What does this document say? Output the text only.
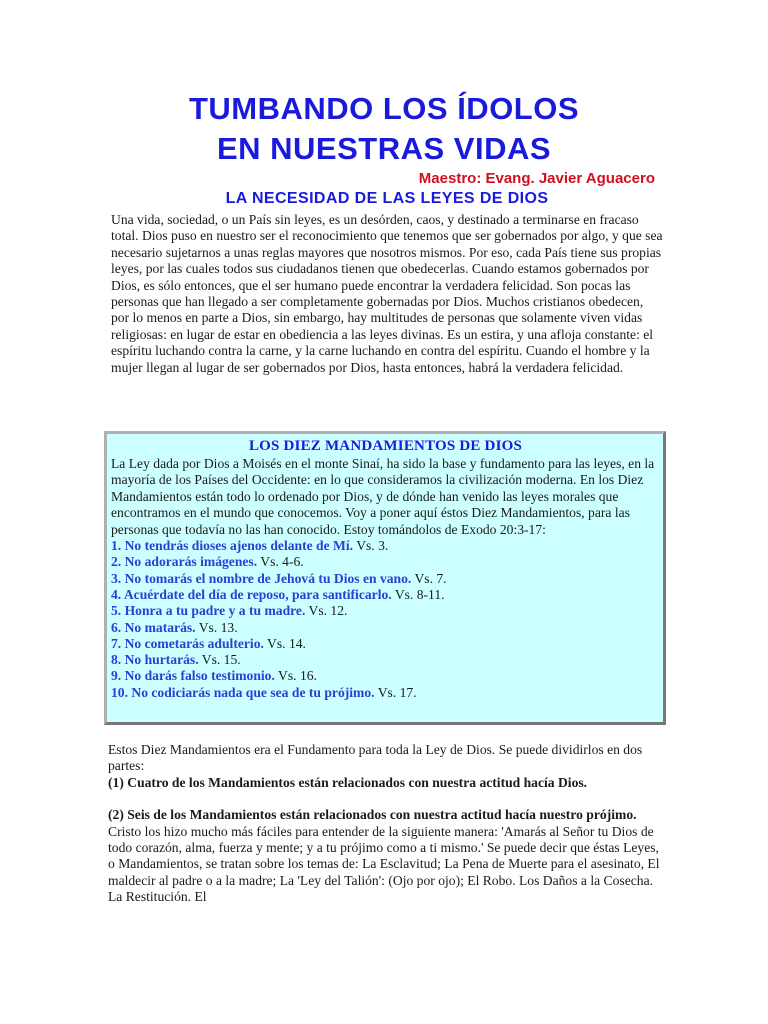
TUMBANDO LOS ÍDOLOS
EN NUESTRAS VIDAS
Maestro: Evang. Javier Aguacero
LA NECESIDAD DE LAS LEYES DE DIOS

Una vida, sociedad, o un País sin leyes, es un desórden, caos, y destinado a terminarse en fracaso total. Dios puso en nuestro ser el reconocimiento que tenemos que ser gobernados por algo, y que sea necesario sujetarnos a unas reglas mayores que nosotros mismos. Por eso, cada País tiene sus propias leyes, por las cuales todos sus ciudadanos tienen que obedecerlas. Cuando estamos gobernados por Dios, es sólo entonces, que el ser humano puede encontrar la verdadera felicidad. Son pocas las personas que han llegado a ser completamente gobernadas por Dios. Muchos cristianos obedecen, por lo menos en parte a Dios, sin embargo, hay multitudes de personas que solamente viven vidas religiosas: en lugar de estar en obediencia a las leyes divinas. Es un estira, y una afloja constante: el espíritu luchando contra la carne, y la carne luchando en contra del espíritu. Cuando el hombre y la mujer llegan al lugar de ser gobernados por Dios, hasta entonces, habrá la verdadera felicidad.

LOS DIEZ MANDAMIENTOS DE DIOS

La Ley dada por Dios a Moisés en el monte Sinaí, ha sido la base y fundamento para las leyes, en la mayoría de los Países del Occidente: en lo que consideramos la civilización moderna. En los Diez Mandamientos están todo lo ordenado por Dios, y de dónde han venido las leyes morales que encontramos en el mundo que conocemos. Voy a poner aquí éstos Diez Mandamientos, para las personas que todavía no las han conocido. Estoy tomándolos de Exodo 20:3-17:

1. No tendrás dioses ajenos delante de Mí. Vs. 3.
2. No adorarás imágenes. Vs. 4-6.
3. No tomarás el nombre de Jehová tu Dios en vano. Vs. 7.
4. Acuérdate del día de reposo, para santificarlo. Vs. 8-11.
5. Honra a tu padre y a tu madre. Vs. 12.
6. No matarás. Vs. 13.
7. No cometarás adulterio. Vs. 14.
8. No hurtarás. Vs. 15.
9. No darás falso testimonio. Vs. 16.
10. No codiciarás nada que sea de tu prójimo. Vs. 17.

Estos Diez Mandamientos era el Fundamento para toda la Ley de Dios. Se puede dividirlos en dos partes:

(1) Cuatro de los Mandamientos están relacionados con nuestra actitud hacía Dios.

(2) Seis de los Mandamientos están relacionados con nuestra actitud hacía nuestro prójimo.

Cristo los hizo mucho más fáciles para entender de la siguiente manera: 'Amarás al Señor tu Dios de todo corazón, alma, fuerza y mente; y a tu prójimo como a ti mismo.' Se puede decir que éstas Leyes, o Mandamientos, se tratan sobre los temas de: La Esclavitud; La Pena de Muerte para el asesinato, El maldecir al padre o a la madre; La 'Ley del Talión': (Ojo por ojo); El Robo. Los Daños a la Cosecha. La Restitución. El
